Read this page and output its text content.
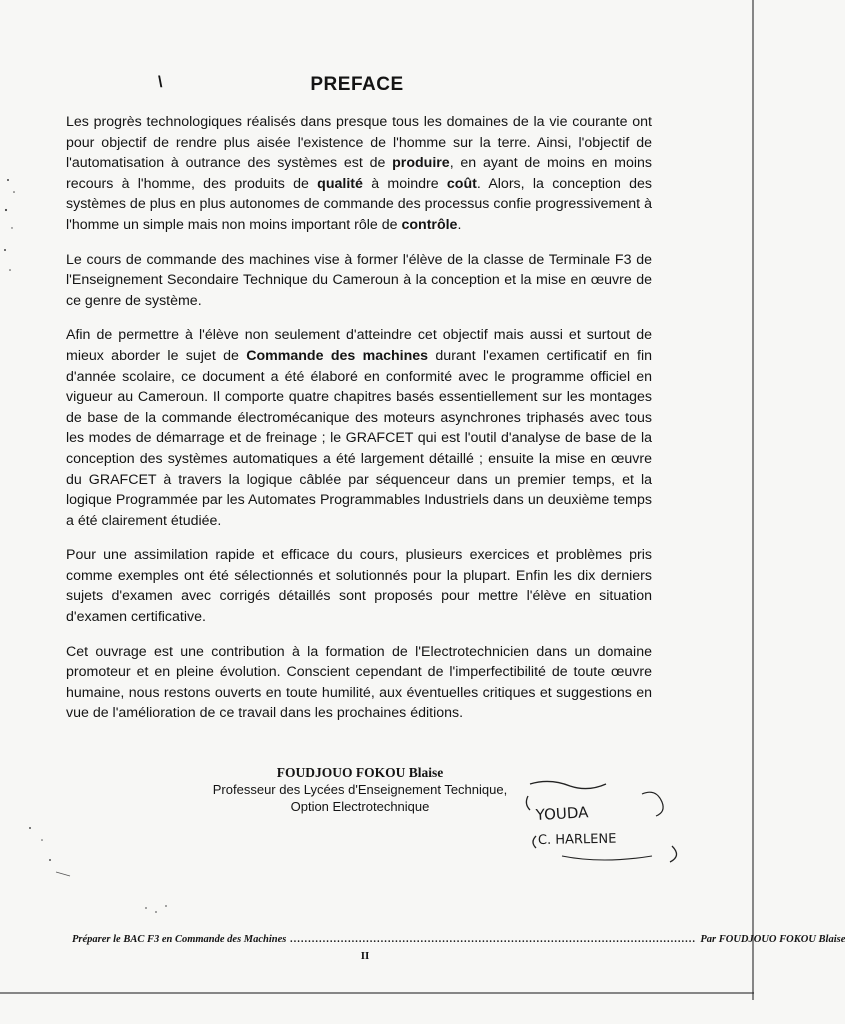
\	PREFACE

Les progrès technologiques réalisés dans presque tous les domaines de la vie courante ont pour objectif de rendre plus aisée l'existence de l'homme sur la terre. Ainsi, l'objectif de l'automatisation à outrance des systèmes est de produire, en ayant de moins en moins recours à l'homme, des produits de qualité à moindre coût. Alors, la conception des systèmes de plus en plus autonomes de commande des processus confie progressivement à l'homme un simple mais non moins important rôle de contrôle.

Le cours de commande des machines vise à former l'élève de la classe de Terminale F3 de l'Enseignement Secondaire Technique du Cameroun à la conception et la mise en œuvre de ce genre de système.

Afin de permettre à l'élève non seulement d'atteindre cet objectif mais aussi et surtout de mieux aborder le sujet de Commande des machines durant l'examen certificatif en fin d'année scolaire, ce document a été élaboré en conformité avec le programme officiel en vigueur au Cameroun. Il comporte quatre chapitres basés essentiellement sur les montages de base de la commande électromécanique des moteurs asynchrones triphasés avec tous les modes de démarrage et de freinage ; le GRAFCET qui est l'outil d'analyse de base de la conception des systèmes automatiques a été largement détaillé ; ensuite la mise en œuvre du GRAFCET à travers la logique câblée par séquenceur dans un premier temps, et la logique Programmée par les Automates Programmables Industriels dans un deuxième temps a été clairement étudiée.

Pour une assimilation rapide et efficace du cours, plusieurs exercices et problèmes pris comme exemples ont été sélectionnés et solutionnés pour la plupart. Enfin les dix derniers sujets d'examen avec corrigés détaillés sont proposés pour mettre l'élève en situation d'examen certificative.

Cet ouvrage est une contribution à la formation de l'Electrotechnicien dans un domaine promoteur et en pleine évolution. Conscient cependant de l'imperfectibilité de toute œuvre humaine, nous restons ouverts en toute humilité, aux éventuelles critiques et suggestions en vue de l'amélioration de ce travail dans les prochaines éditions.

FOUDJOUO FOKOU Blaise
Professeur des Lycées d'Enseignement Technique,
Option Electrotechnique	YOUDA
C. HARLENE
Préparer le BAC F3 en Commande des Machines ................................................................................................................ Par FOUDJOUO FOKOU Blaise
II
